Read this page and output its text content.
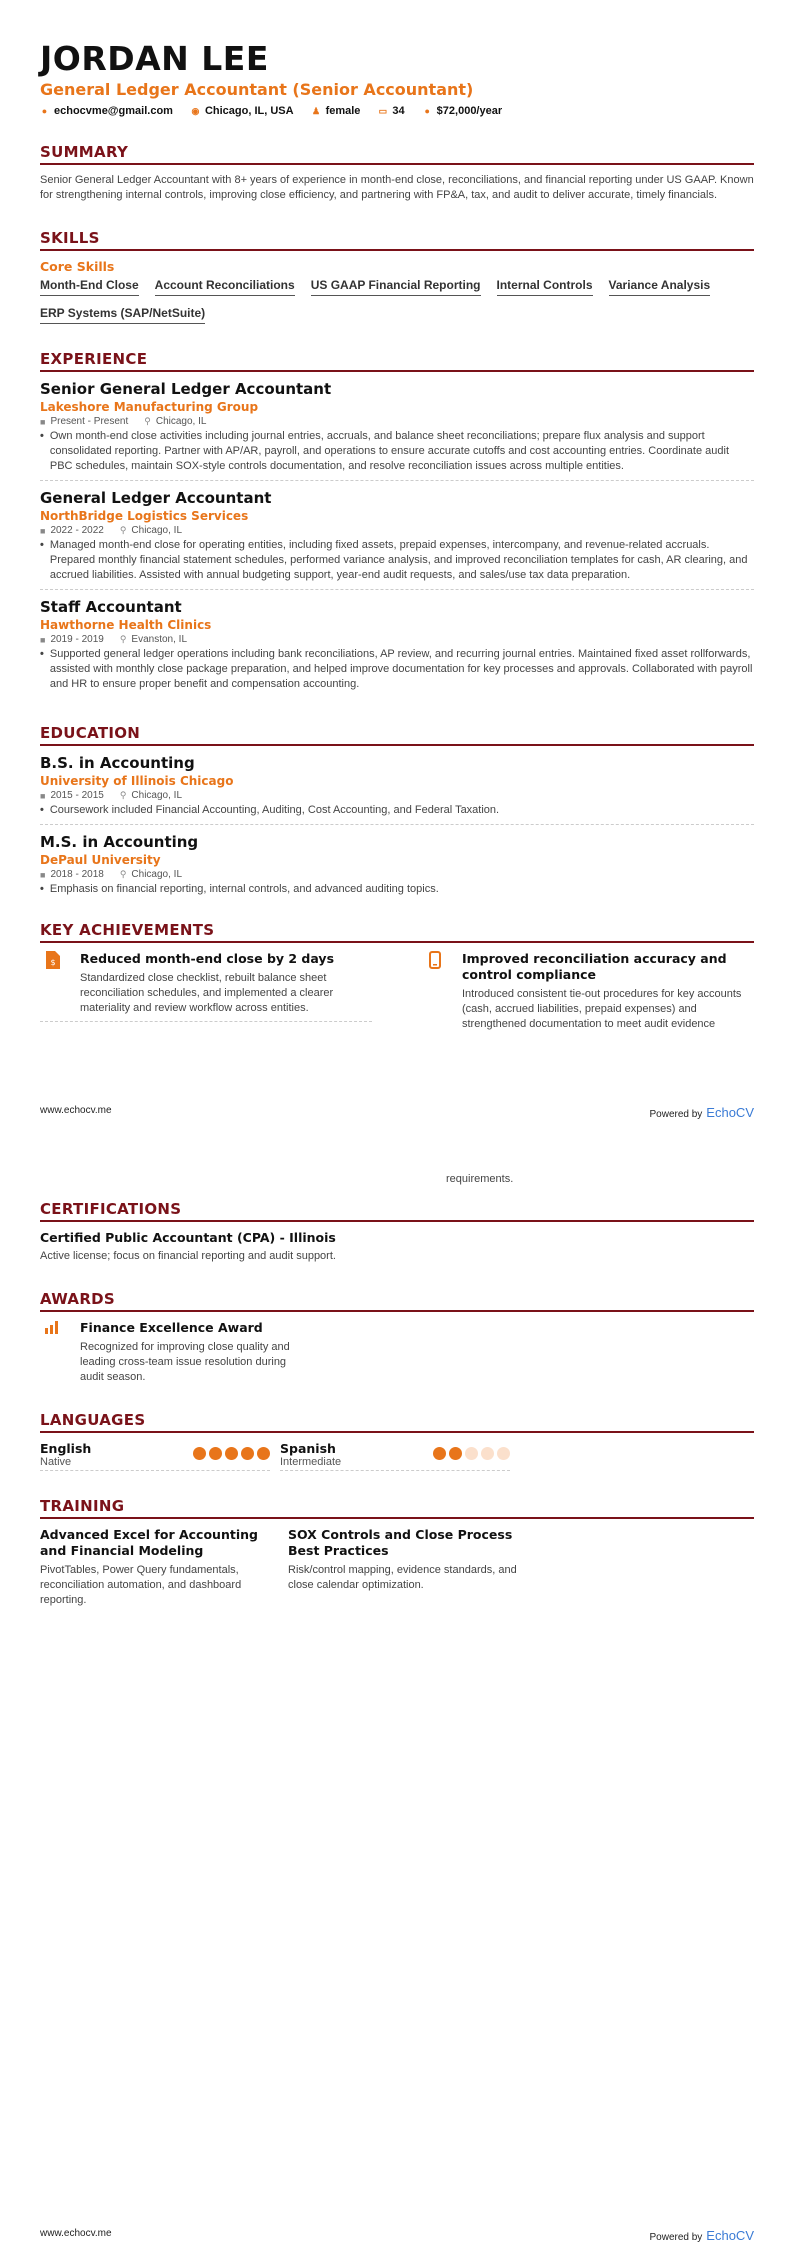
JORDAN LEE
General Ledger Accountant (Senior Accountant)
● echocvme@gmail.com ◉ Chicago, IL, USA ♟ female ▭ 34 ● $72,000/year
SUMMARY
Senior General Ledger Accountant with 8+ years of experience in month-end close, reconciliations, and financial reporting under US GAAP. Known for strengthening internal controls, improving close efficiency, and partnering with FP&A, tax, and audit to deliver accurate, timely financials.
SKILLS
Core Skills
Month-End Close Account Reconciliations US GAAP Financial Reporting Internal Controls Variance Analysis
ERP Systems (SAP/NetSuite)
EXPERIENCE
Senior General Ledger Accountant
Lakeshore Manufacturing Group
■ Present - Present ⚲ Chicago, IL
• Own month-end close activities including journal entries, accruals, and balance sheet reconciliations; prepare flux analysis and support consolidated reporting. Partner with AP/AR, payroll, and operations to ensure accurate cutoffs and cost accounting entries. Coordinate audit PBC schedules, maintain SOX-style controls documentation, and resolve reconciliation issues across multiple entities.
General Ledger Accountant
NorthBridge Logistics Services
■ 2022 - 2022 ⚲ Chicago, IL
• Managed month-end close for operating entities, including fixed assets, prepaid expenses, intercompany, and revenue-related accruals. Prepared monthly financial statement schedules, performed variance analysis, and improved reconciliation templates for cash, AR clearing, and accrued liabilities. Assisted with annual budgeting support, year-end audit requests, and sales/use tax data preparation.
Staff Accountant
Hawthorne Health Clinics
■ 2019 - 2019 ⚲ Evanston, IL
• Supported general ledger operations including bank reconciliations, AP review, and recurring journal entries. Maintained fixed asset rollforwards, assisted with monthly close package preparation, and helped improve documentation for key processes and approvals. Collaborated with payroll and HR to ensure proper benefit and compensation accounting.
EDUCATION
B.S. in Accounting
University of Illinois Chicago
■ 2015 - 2015 ⚲ Chicago, IL
• Coursework included Financial Accounting, Auditing, Cost Accounting, and Federal Taxation.
M.S. in Accounting
DePaul University
■ 2018 - 2018 ⚲ Chicago, IL
• Emphasis on financial reporting, internal controls, and advanced auditing topics.
KEY ACHIEVEMENTS
$ Reduced month-end close by 2 days
Standardized close checklist, rebuilt balance sheet reconciliation schedules, and implemented a clearer materiality and review workflow across entities.
Improved reconciliation accuracy and control compliance
Introduced consistent tie-out procedures for key accounts (cash, accrued liabilities, prepaid expenses) and strengthened documentation to meet audit evidence
requirements.
CERTIFICATIONS
Certified Public Accountant (CPA) - Illinois
Active license; focus on financial reporting and audit support.
AWARDS
Finance Excellence Award
Recognized for improving close quality and leading cross-team issue resolution during audit season.
LANGUAGES
English
Native
Spanish
Intermediate
TRAINING
Advanced Excel for Accounting and Financial Modeling
PivotTables, Power Query fundamentals, reconciliation automation, and dashboard reporting.
SOX Controls and Close Process Best Practices
Risk/control mapping, evidence standards, and close calendar optimization.
www.echocv.me	Powered by EchoCV
www.echocv.me	Powered by EchoCV
